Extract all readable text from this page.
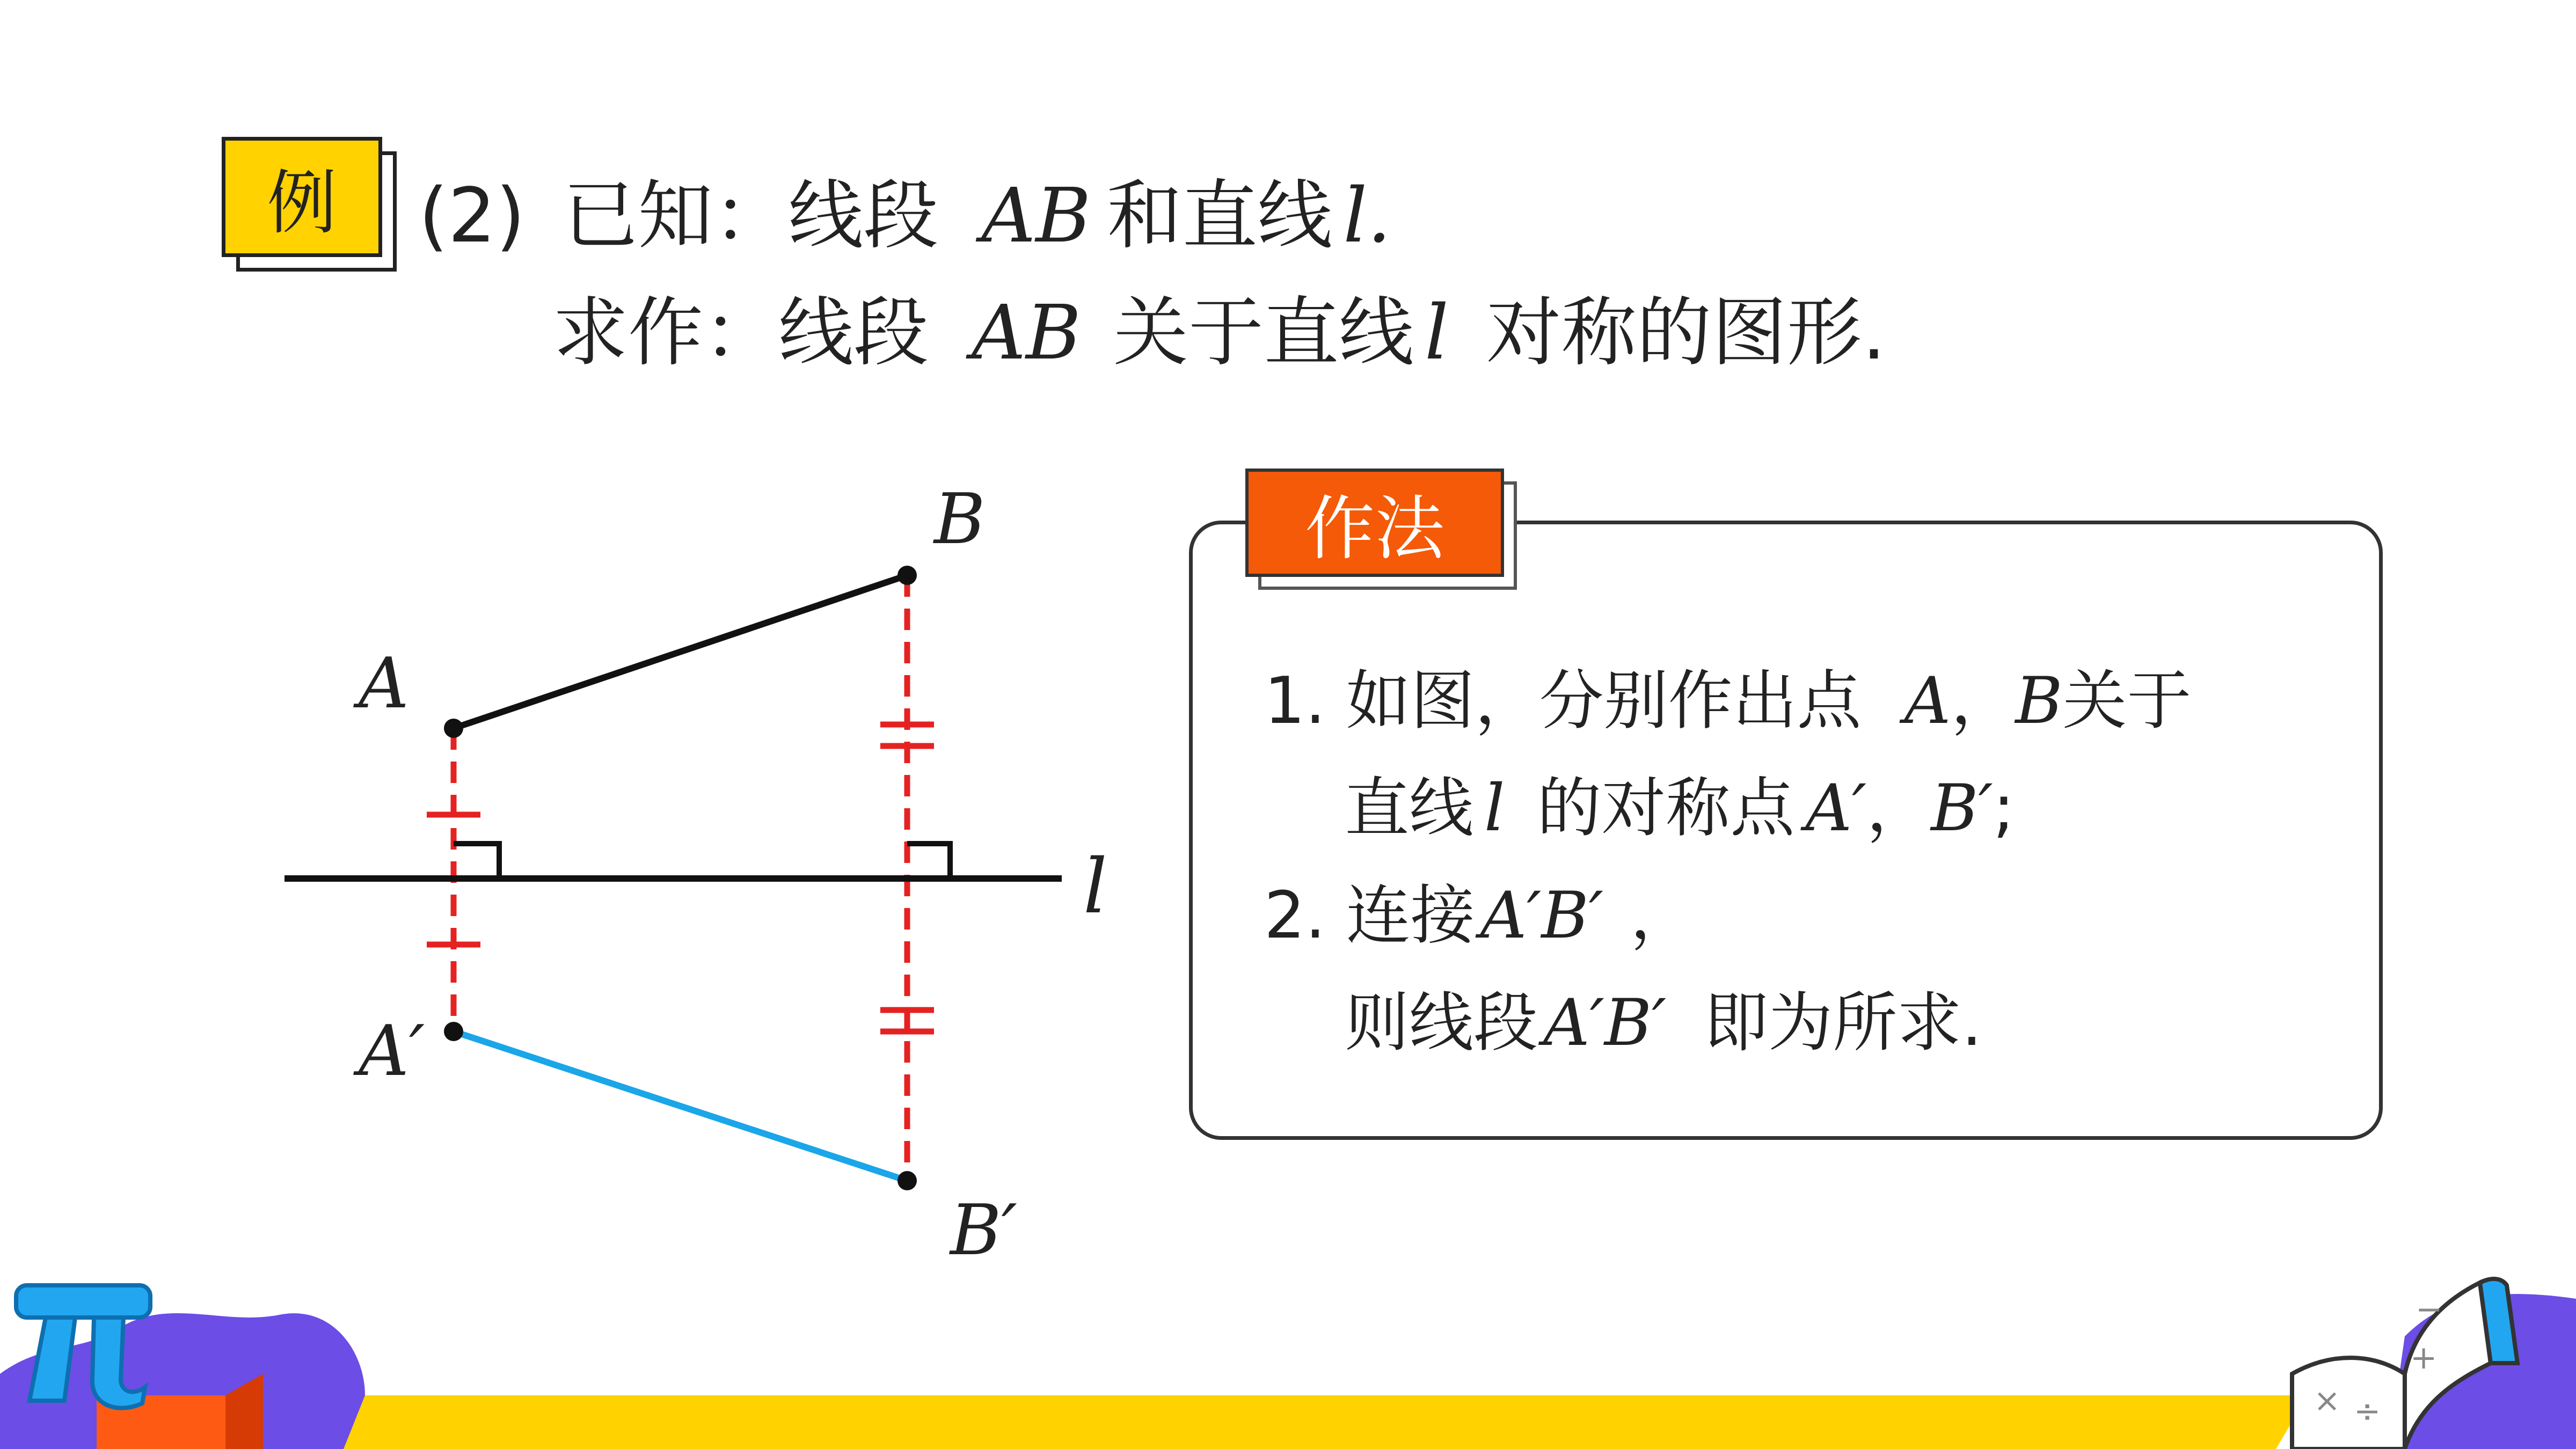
例	(2) 已知：线段 AB 和直线 l.
求作：线段 AB 关于直线 l 对称的图形.
作法
1. 如图，分别作出点 A，B关于
直线 l 的对称点 A′，B′;
2. 连接A′B′ ，
则线段A′B′ 即为所求.
A
B
A′
B′
l
× ÷
−
+
